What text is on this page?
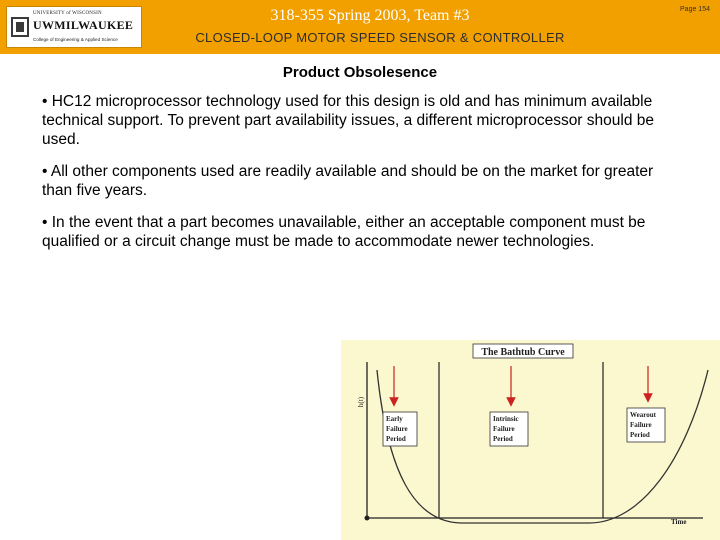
UNIVERSITY of WISCONSIN
UWMILWAUKEE
College of Engineering & Applied Science
318-355 Spring 2003, Team #3
CLOSED-LOOP MOTOR SPEED SENSOR & CONTROLLER
Page 154
Product Obsolesence

• HC12 microprocessor technology used for this design is old and has minimum available technical support. To prevent part availability issues, a different microprocessor should be used.

• All other components used are readily available and should be on the market for greater than five years.

• In the event that a part becomes unavailable, either an acceptable component must be qualified or a circuit change must be made to accommodate newer technologies.

The Bathtub Curve
h(t)
Time
Early Failure Period
Intrinsic Failure Period
Wearout Failure Period
